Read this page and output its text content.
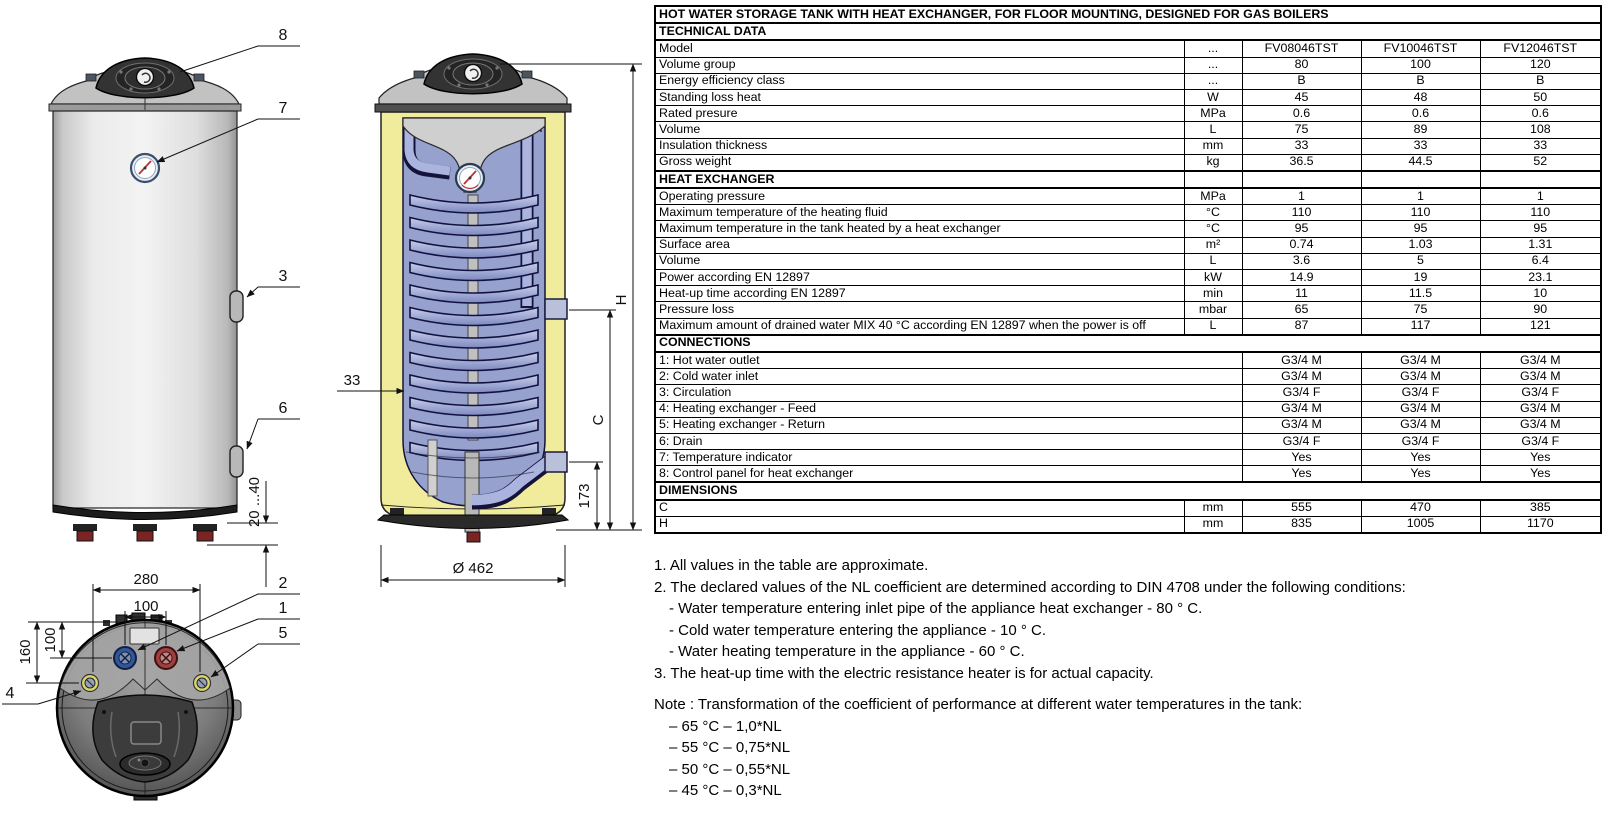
8
7
3
6
20 ...40
33
H
C
173
Ø 462
280
100
160 100
2
1
5
4
HOT WATER STORAGE TANK WITH HEAT EXCHANGER, FOR FLOOR MOUNTING, DESIGNED FOR GAS BOILERS				
TECHNICAL DATA				
Model	...	FV08046TST	FV10046TST	FV12046TST
Volume group	...	80	100	120
Energy efficiency class	...	B	B	B
Standing loss heat	W	45	48	50
Rated presure	MPa	0.6	0.6	0.6
Volume	L	75	89	108
Insulation thickness	mm	33	33	33
Gross weight	kg	36.5	44.5	52
HEAT EXCHANGER				
Operating pressure	MPa	1	1	1
Maximum temperature of the heating fluid	°C	110	110	110
Maximum temperature in the tank heated by a heat exchanger	°C	95	95	95
Surface area	m²	0.74	1.03	1.31
Volume	L	3.6	5	6.4
Power according EN 12897	kW	14.9	19	23.1
Heat-up time according EN 12897	min	11	11.5	10
Pressure loss	mbar	65	75	90
Maximum amount of drained water MIX 40 °C according EN 12897 when the power is off	L	87	117	121
CONNECTIONS				
1: Hot water outlet		G3/4 M	G3/4 M	G3/4 M
2: Cold water inlet		G3/4 M	G3/4 M	G3/4 M
3: Circulation		G3/4 F	G3/4 F	G3/4 F
4: Heating exchanger - Feed		G3/4 M	G3/4 M	G3/4 M
5: Heating exchanger - Return		G3/4 M	G3/4 M	G3/4 M
6: Drain		G3/4 F	G3/4 F	G3/4 F
7: Temperature indicator		Yes	Yes	Yes
8: Control panel for heat exchanger		Yes	Yes	Yes
DIMENSIONS				
C	mm	555	470	385
H	mm	835	1005	1170
1. All values in the table are approximate.
2. The declared values of the NL coefficient are determined according to DIN 4708 under the following conditions:
- Water temperature entering inlet pipe of the appliance heat exchanger - 80 ° C.
- Cold water temperature entering the appliance - 10 ° C.
- Water heating temperature in the appliance - 60 ° C.
3. The heat-up time with the electric resistance heater is for actual capacity.
Note : Transformation of the coefficient of performance at different water temperatures in the tank:
– 65 °C – 1,0*NL
– 55 °C – 0,75*NL
– 50 °C – 0,55*NL
– 45 °C – 0,3*NL
